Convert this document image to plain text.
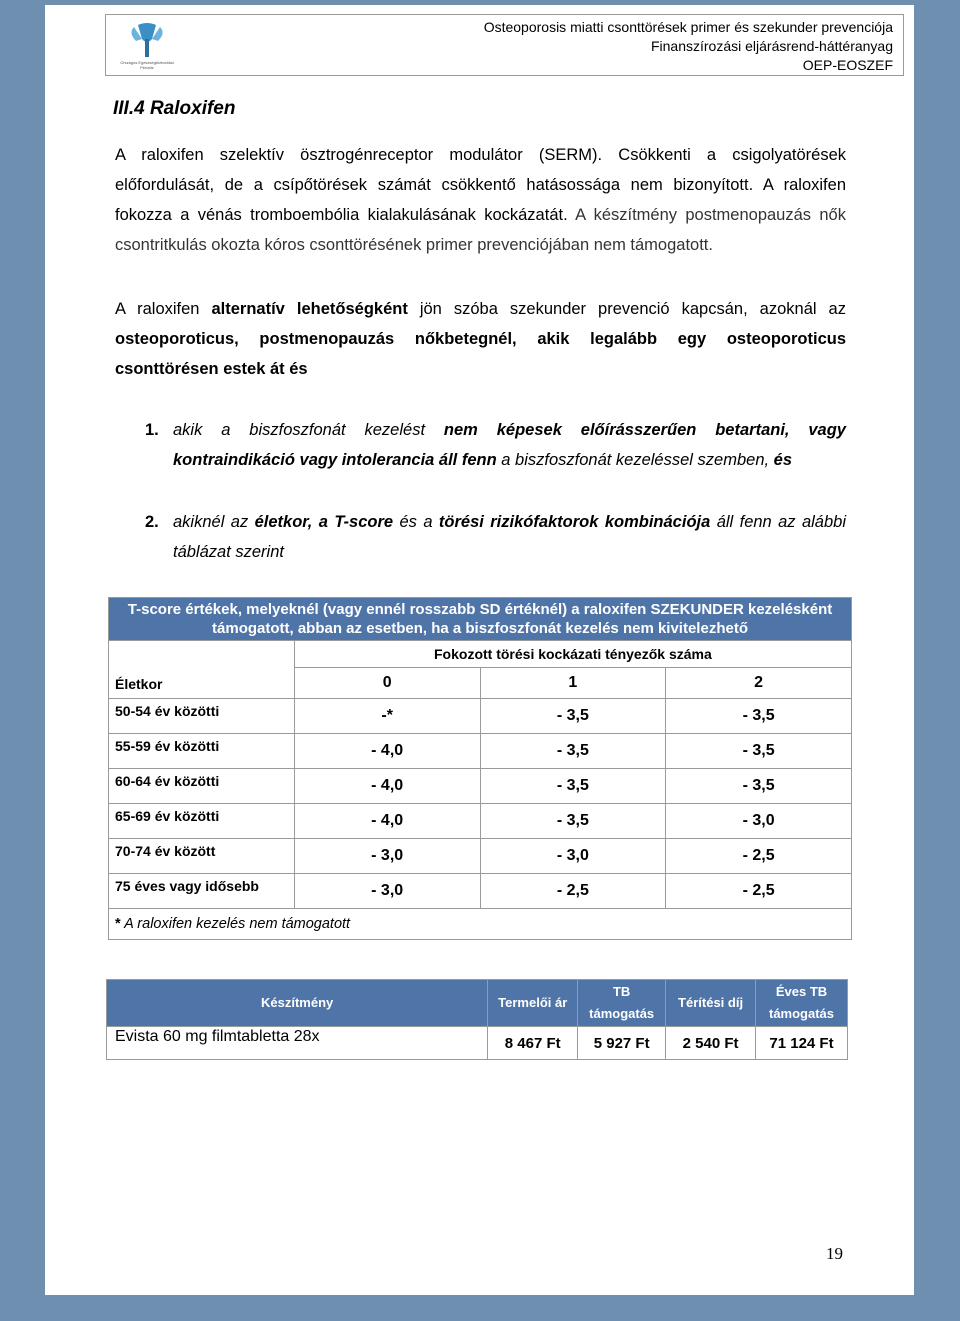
Országos Egészségbiztosítási
Pénztár
Osteoporosis miatti csonttörések primer és szekunder prevenciója
Finanszírozási eljárásrend-háttéranyag
OEP-EOSZEF
III.4 Raloxifen
A raloxifen szelektív ösztrogénreceptor modulátor (SERM). Csökkenti a csigolyatörések előfordulását, de a csípőtörések számát csökkentő hatásossága nem bizonyított. A raloxifen fokozza a vénás tromboembólia kialakulásának kockázatát. A készítmény postmenopauzás nők csontritkulás okozta kóros csonttörésének primer prevenciójában nem támogatott.
A raloxifen alternatív lehetőségként jön szóba szekunder prevenció kapcsán, azoknál az osteoporoticus, postmenopauzás nőkbetegnél, akik legalább egy osteoporoticus csonttörésen estek át és
1. akik a biszfoszfonát kezelést nem képesek előírásszerűen betartani, vagy kontraindikáció vagy intolerancia áll fenn a biszfoszfonát kezeléssel szemben, és
2. akiknél az életkor, a T-score és a törési rizikófaktorok kombinációja áll fenn az alábbi táblázat szerint
T-score értékek, melyeknél (vagy ennél rosszabb SD értéknél) a raloxifen SZEKUNDER kezelésként támogatott, abban az esetben, ha a biszfoszfonát kezelés nem kivitelezhető			
Életkor	Fokozott törési kockázati tényezők száma		
	0	1	2
50-54 év közötti	-*	- 3,5	- 3,5
55-59 év közötti	- 4,0	- 3,5	- 3,5
60-64 év közötti	- 4,0	- 3,5	- 3,5
65-69 év közötti	- 4,0	- 3,5	- 3,0
70-74 év között	- 3,0	- 3,0	- 2,5
75 éves vagy idősebb	- 3,0	- 2,5	- 2,5
* A raloxifen kezelés nem támogatott			
Készítmény	Termelői ár	TB támogatás	Térítési díj	Éves TB támogatás
Evista 60 mg filmtabletta 28x	8 467 Ft	5 927 Ft	2 540 Ft	71 124 Ft
19
